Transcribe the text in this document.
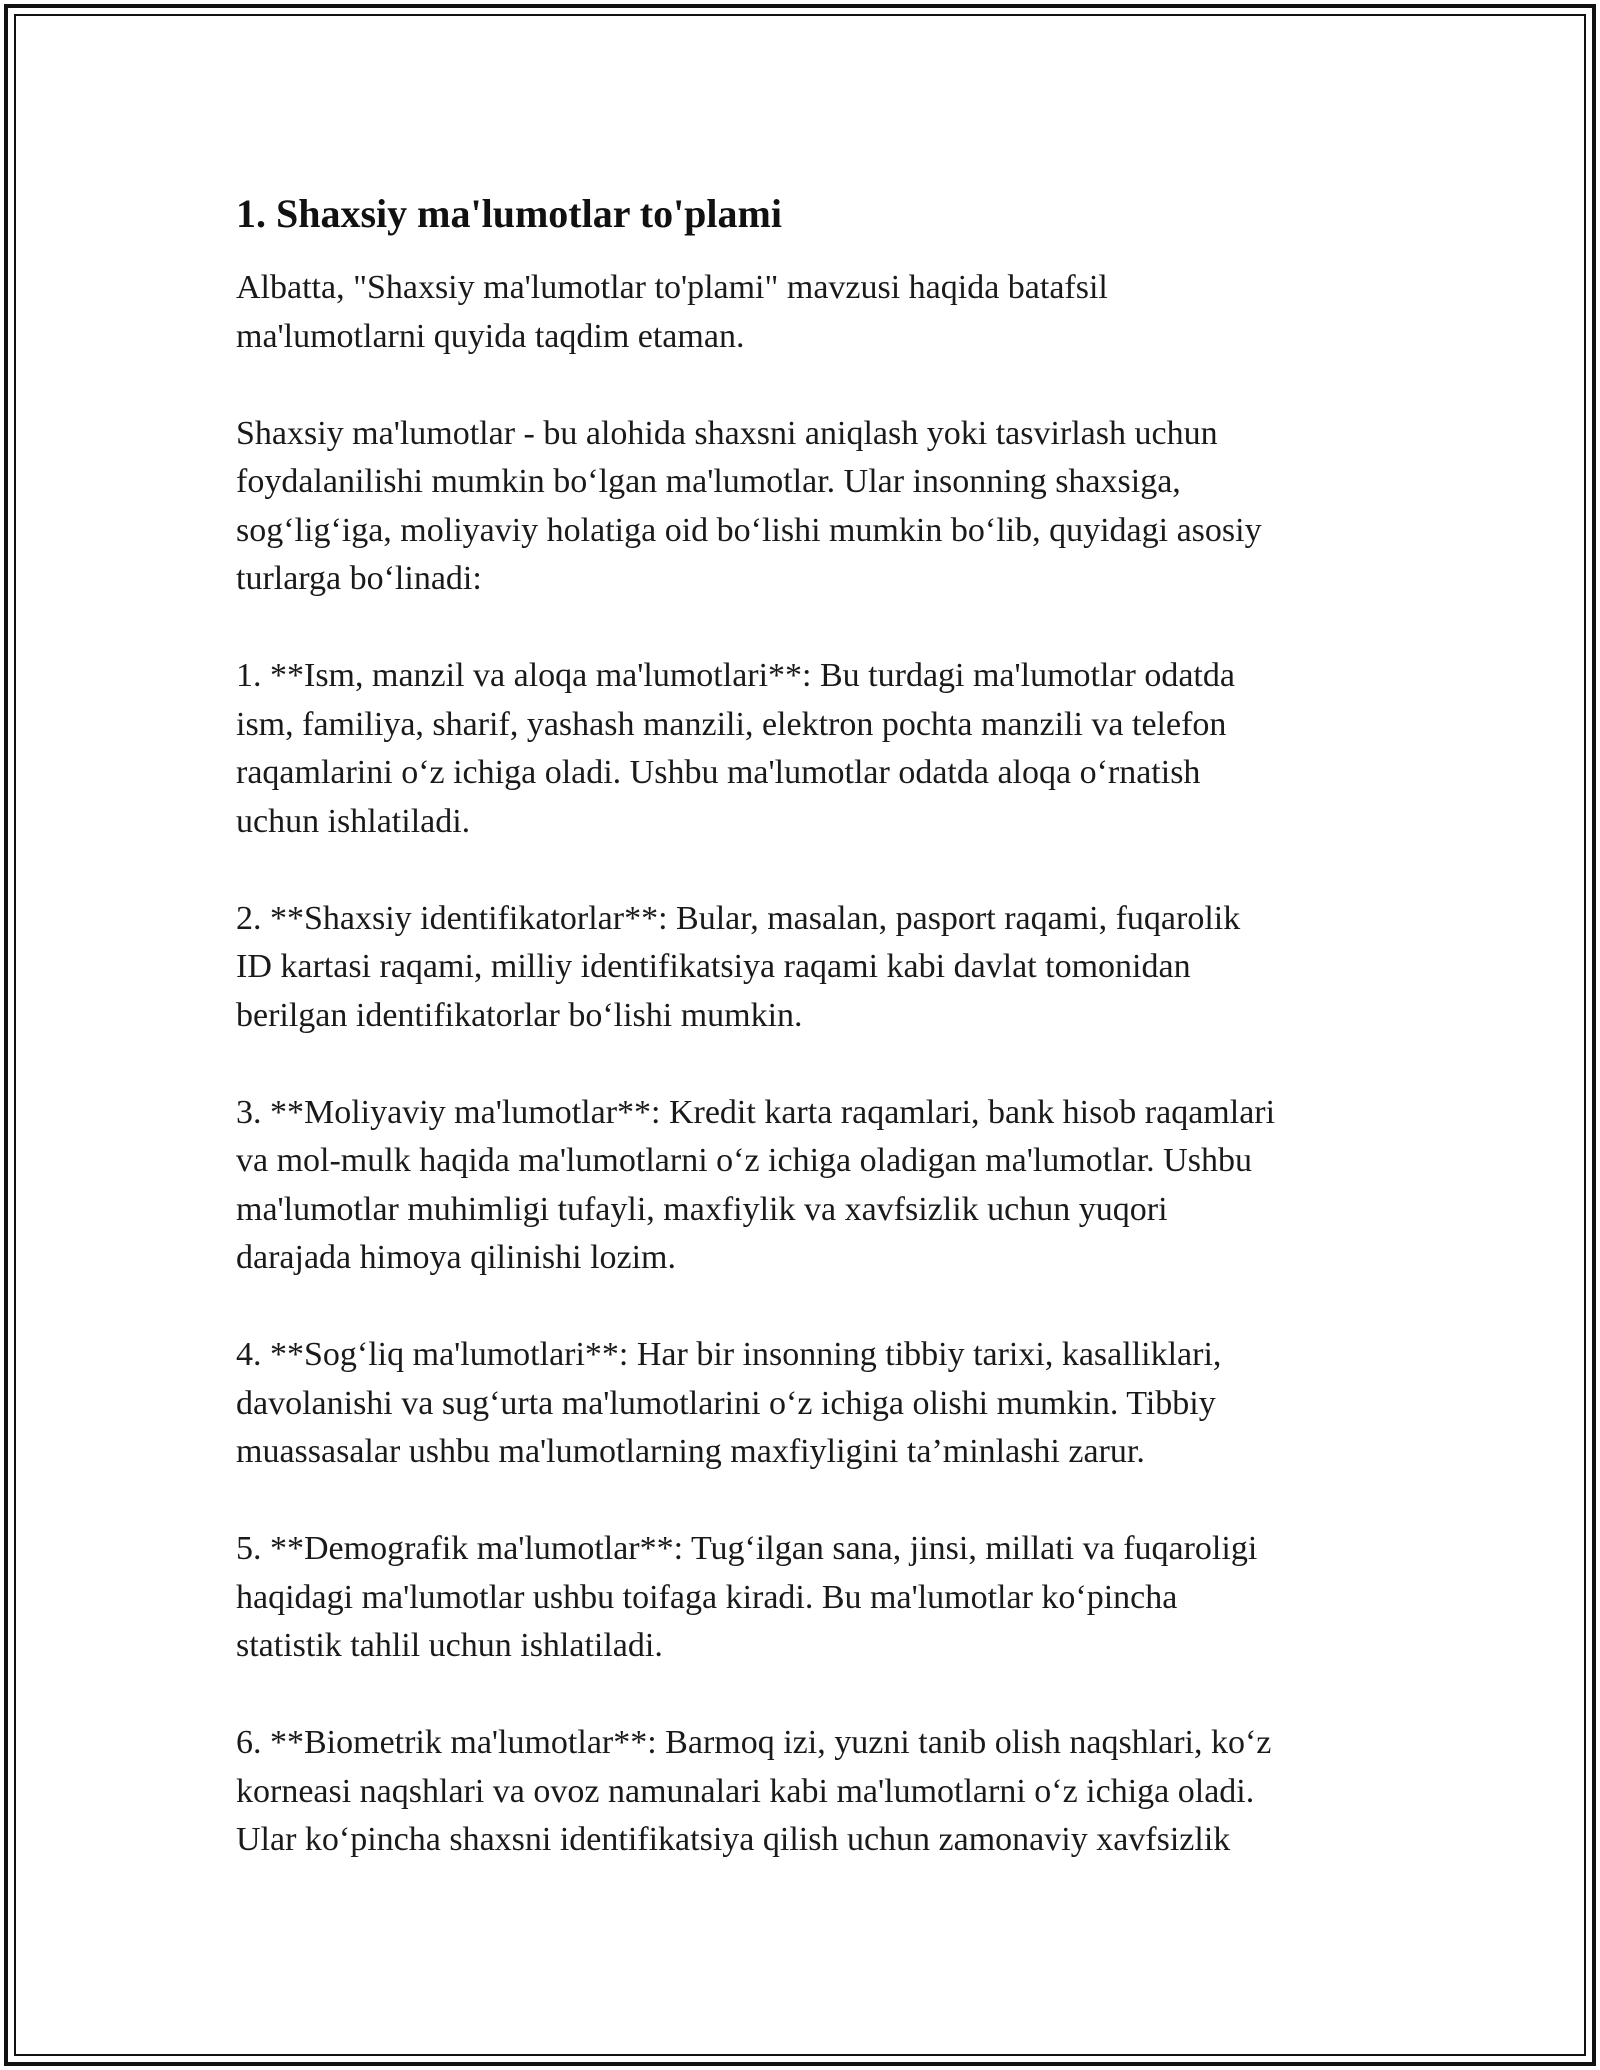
1. Shaxsiy ma'lumotlar to'plami

Albatta, "Shaxsiy ma'lumotlar to'plami" mavzusi haqida batafsil
ma'lumotlarni quyida taqdim etaman.

Shaxsiy ma'lumotlar - bu alohida shaxsni aniqlash yoki tasvirlash uchun
foydalanilishi mumkin boʻlgan ma'lumotlar. Ular insonning shaxsiga,
sogʻligʻiga, moliyaviy holatiga oid boʻlishi mumkin boʻlib, quyidagi asosiy
turlarga boʻlinadi:

1. **Ism, manzil va aloqa ma'lumotlari**: Bu turdagi ma'lumotlar odatda
ism, familiya, sharif, yashash manzili, elektron pochta manzili va telefon
raqamlarini oʻz ichiga oladi. Ushbu ma'lumotlar odatda aloqa oʻrnatish
uchun ishlatiladi.

2. **Shaxsiy identifikatorlar**: Bular, masalan, pasport raqami, fuqarolik
ID kartasi raqami, milliy identifikatsiya raqami kabi davlat tomonidan
berilgan identifikatorlar boʻlishi mumkin.

3. **Moliyaviy ma'lumotlar**: Kredit karta raqamlari, bank hisob raqamlari
va mol-mulk haqida ma'lumotlarni oʻz ichiga oladigan ma'lumotlar. Ushbu
ma'lumotlar muhimligi tufayli, maxfiylik va xavfsizlik uchun yuqori
darajada himoya qilinishi lozim.

4. **Sogʻliq ma'lumotlari**: Har bir insonning tibbiy tarixi, kasalliklari,
davolanishi va sugʻurta ma'lumotlarini oʻz ichiga olishi mumkin. Tibbiy
muassasalar ushbu ma'lumotlarning maxfiyligini ta’minlashi zarur.

5. **Demografik ma'lumotlar**: Tugʻilgan sana, jinsi, millati va fuqaroligi
haqidagi ma'lumotlar ushbu toifaga kiradi. Bu ma'lumotlar koʻpincha
statistik tahlil uchun ishlatiladi.

6. **Biometrik ma'lumotlar**: Barmoq izi, yuzni tanib olish naqshlari, koʻz
korneasi naqshlari va ovoz namunalari kabi ma'lumotlarni oʻz ichiga oladi.
Ular koʻpincha shaxsni identifikatsiya qilish uchun zamonaviy xavfsizlik
